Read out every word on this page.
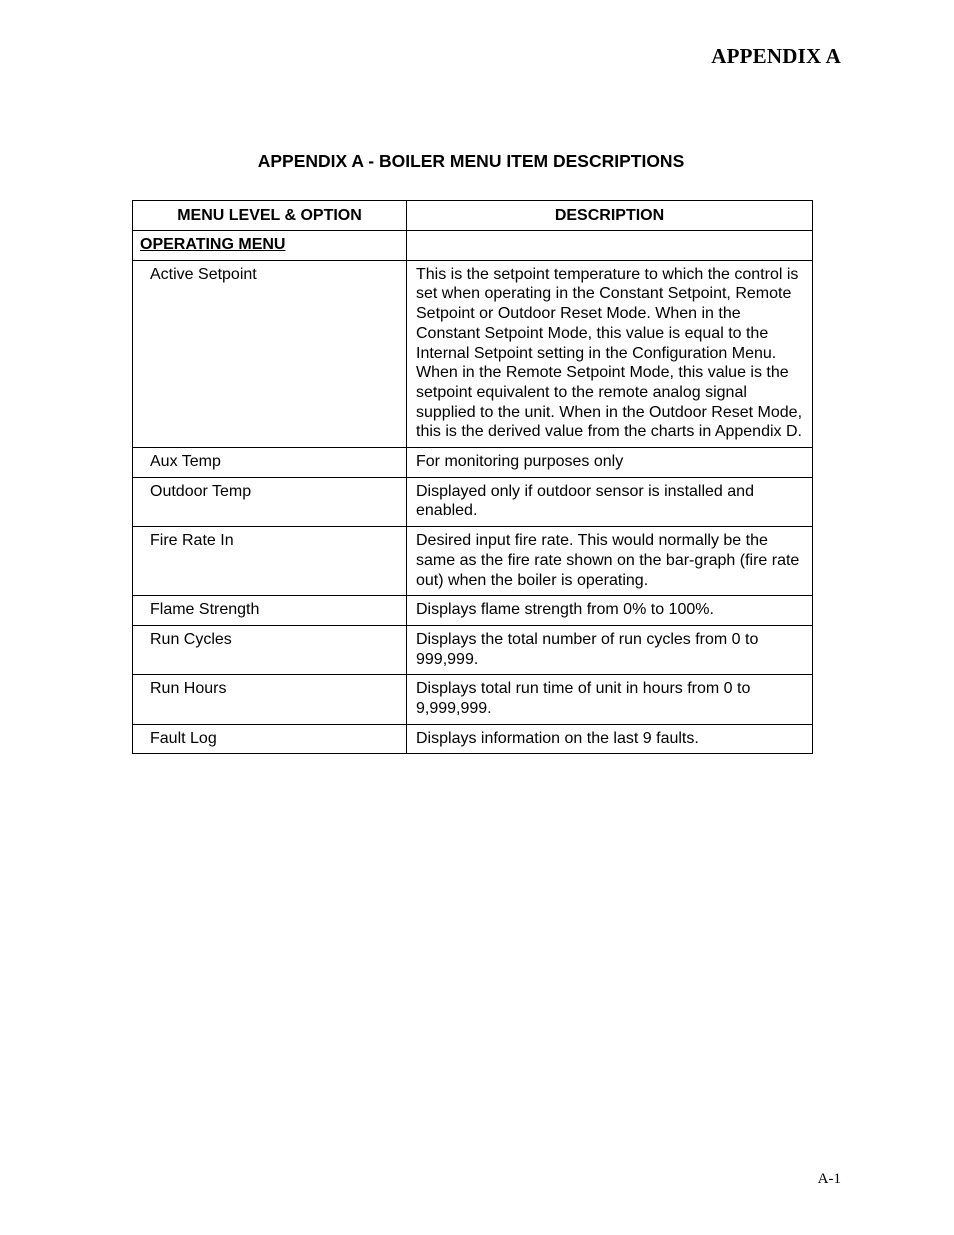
APPENDIX A
APPENDIX A - BOILER MENU ITEM DESCRIPTIONS
MENU LEVEL & OPTION	DESCRIPTION
OPERATING MENU	
Active Setpoint	This is the setpoint temperature to which the control is set when operating in the Constant Setpoint, Remote Setpoint or Outdoor Reset Mode. When in the Constant Setpoint Mode, this value is equal to the Internal Setpoint setting in the Configuration Menu. When in the Remote Setpoint Mode, this value is the setpoint equivalent to the remote analog signal supplied to the unit. When in the Outdoor Reset Mode, this is the derived value from the charts in Appendix D.
Aux Temp	For monitoring purposes only
Outdoor Temp	Displayed only if outdoor sensor is installed and enabled.
Fire Rate In	Desired input fire rate. This would normally be the same as the fire rate shown on the bar-graph (fire rate out) when the boiler is operating.
Flame Strength	Displays flame strength from 0% to 100%.
Run Cycles	Displays the total number of run cycles from 0 to 999,999.
Run Hours	Displays total run time of unit in hours from 0 to 9,999,999.
Fault Log	Displays information on the last 9 faults.
A-1
